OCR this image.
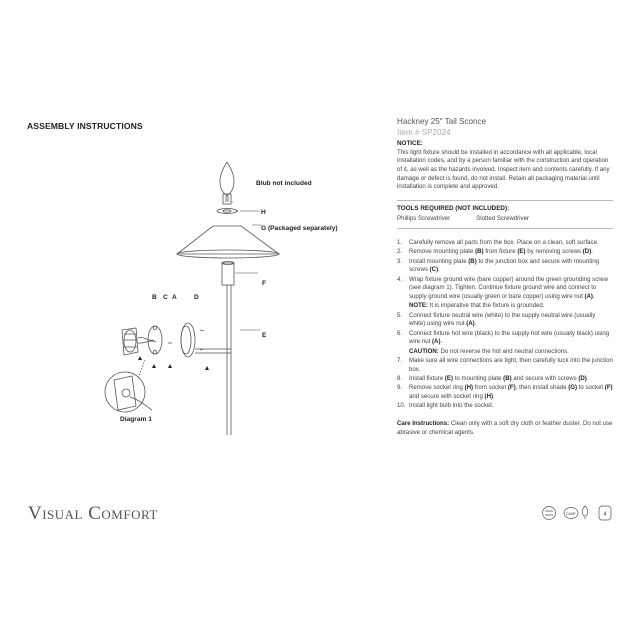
ASSEMBLY INSTRUCTIONS
Blub not included
H
G (Packaged separately)
F
B C A	D
E
Diagram 1
Visual Comfort
Hackney 25" Tail Sconce
Item # SP2024
NOTICE:
This light fixture should be installed in accordance with all applicable, local installation codes, and by a person familiar with the construction and operation of it, as well as the hazards involved. Inspect item and contents carefully. If any damage or defect is found, do not install. Retain all packaging material until installation is complete and approved.
TOOLS REQUIRED (NOT INCLUDED):
Phillips Screwdriver	Slotted Screwdriver
1.	Carefully remove all parts from the box. Place on a clean, soft surface.
2.	Remove mounting plate (B) from fixture (E) by removing screws (D).
3.	Install mounting plate (B) to the junction box and secure with mounting screws (C).
4.	Wrap fixture ground wire (bare copper) around the green grounding screw (see diagram 1). Tighten. Continue fixture ground wire and connect to supply ground wire (usually green or bare copper) using wire nut (A).
NOTE: It is imperative that the fixture is grounded.
5.	Connect fixture neutral wire (white) to the supply neutral wire (usually white) using wire nut (A).
6.	Connect fixture hot wire (black) to the supply hot wire (usually black) using wire nut (A).
CAUTION: Do not reverse the hot and neutral connections.
7.	Make sure all wire connections are tight, then carefully tuck into the junction box.
8.	Install fixture (E) to mounting plate (B) and secure with screws (D).
9.	Remove socket ring (H) from socket (F), then install shade (G) to socket (F) and secure with socket ring (H).
10. Install light bulb into the socket.
Care Instructions: Clean only with a soft dry cloth or feather duster. Do not use abrasive or chemical agents.
DAMP	4
